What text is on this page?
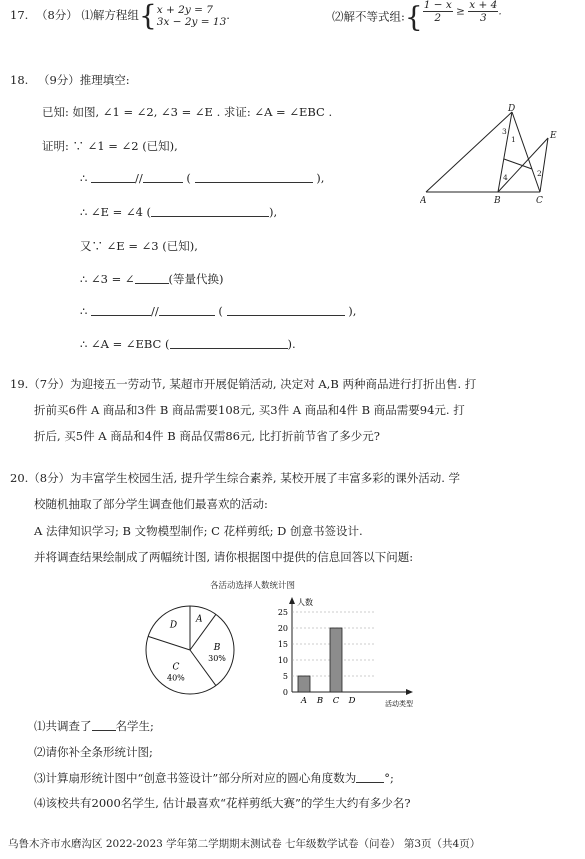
17. （8分） ⑴解方程组{ x + 2y = 7
3x − 2y = 13 .	⑵解不等式组:{ $\frac{1 - x}{2} \ge \frac{x + 4}{3}$.
18. （9分）推理填空:
已知: 如图, ∠1 = ∠2, ∠3 = ∠E . 求证: ∠A = ∠EBC .
证明: ∵ ∠1 = ∠2 (已知),
∴	//	(	),
∴ ∠E = ∠4 (	),
又∵ ∠E = ∠3 (已知),
∴ ∠3 = ∠	(等量代换)
∴	//	(	),
∴ ∠A = ∠EBC (	).
A	B	C
D
E
1
2
3
4
19.（7分）为迎接五一劳动节, 某超市开展促销活动, 决定对 A,B 两种商品进行打折出售. 打
折前买6件 A 商品和3件 B 商品需要108元, 买3件 A 商品和4件 B 商品需要94元. 打
折后, 买5件 A 商品和4件 B 商品仅需86元, 比打折前节省了多少元?
20.（8分）为丰富学生校园生活, 提升学生综合素养, 某校开展了丰富多彩的课外活动. 学
校随机抽取了部分学生调查他们最喜欢的活动:
A 法律知识学习; B 文物模型制作; C 花样剪纸; D 创意书签设计.
并将调查结果绘制成了两幅统计图, 请你根据图中提供的信息回答以下问题:
各活动选择人数统计图
A
B
30%
C
40%
D
人数
活动类型
0
5
10
15
20
25
A B C D
⑴共调查了 名学生;
⑵请你补全条形统计图;
⑶计算扇形统计图中“创意书签设计”部分所对应的圆心角度数为 °;
⑷该校共有2000名学生, 估计最喜欢“花样剪纸大赛”的学生大约有多少名?
乌鲁木齐市水磨沟区 2022-2023 学年第二学期期末测试卷 七年级数学试卷（问卷） 第3页（共4页）
